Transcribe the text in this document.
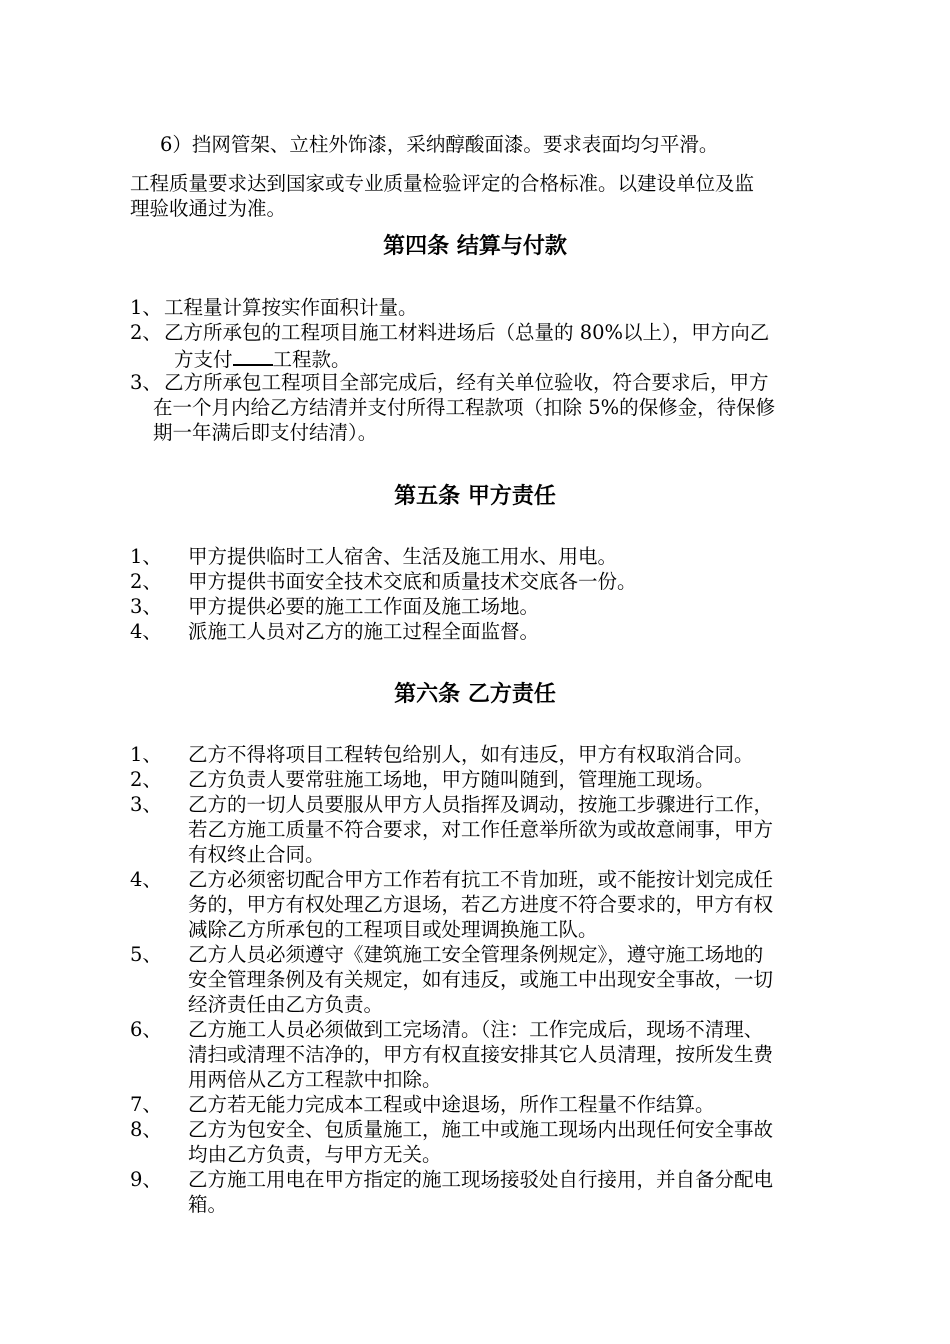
6）挡网管架、立柱外饰漆，采纳醇酸面漆。要求表面均匀平滑。
工程质量要求达到国家或专业质量检验评定的合格标准。以建设单位及监
理验收通过为准。
第四条 结算与付款
1、 工程量计算按实作面积计量。
2、 乙方所承包的工程项目施工材料进场后（总量的 80%以上），甲方向乙
方支付 工程款。
3、 乙方所承包工程项目全部完成后，经有关单位验收，符合要求后，甲方
在一个月内给乙方结清并支付所得工程款项（扣除 5%的保修金，待保修
期一年满后即支付结清）。
第五条 甲方责任
1、	甲方提供临时工人宿舍、生活及施工用水、用电。
2、	甲方提供书面安全技术交底和质量技术交底各一份。
3、	甲方提供必要的施工工作面及施工场地。
4、	派施工人员对乙方的施工过程全面监督。
第六条 乙方责任
1、	乙方不得将项目工程转包给别人，如有违反，甲方有权取消合同。
2、	乙方负责人要常驻施工场地，甲方随叫随到，管理施工现场。
3、	乙方的一切人员要服从甲方人员指挥及调动，按施工步骤进行工作，
若乙方施工质量不符合要求，对工作任意举所欲为或故意闹事，甲方
有权终止合同。
4、	乙方必须密切配合甲方工作若有抗工不肯加班，或不能按计划完成任
务的，甲方有权处理乙方退场，若乙方进度不符合要求的，甲方有权
减除乙方所承包的工程项目或处理调换施工队。
5、	乙方人员必须遵守《建筑施工安全管理条例规定》，遵守施工场地的
安全管理条例及有关规定，如有违反，或施工中出现安全事故，一切
经济责任由乙方负责。
6、	乙方施工人员必须做到工完场清。（注：工作完成后，现场不清理、
清扫或清理不洁净的，甲方有权直接安排其它人员清理，按所发生费
用两倍从乙方工程款中扣除。
7、	乙方若无能力完成本工程或中途退场，所作工程量不作结算。
8、	乙方为包安全、包质量施工，施工中或施工现场内出现任何安全事故
均由乙方负责，与甲方无关。
9、	乙方施工用电在甲方指定的施工现场接驳处自行接用，并自备分配电
箱。
